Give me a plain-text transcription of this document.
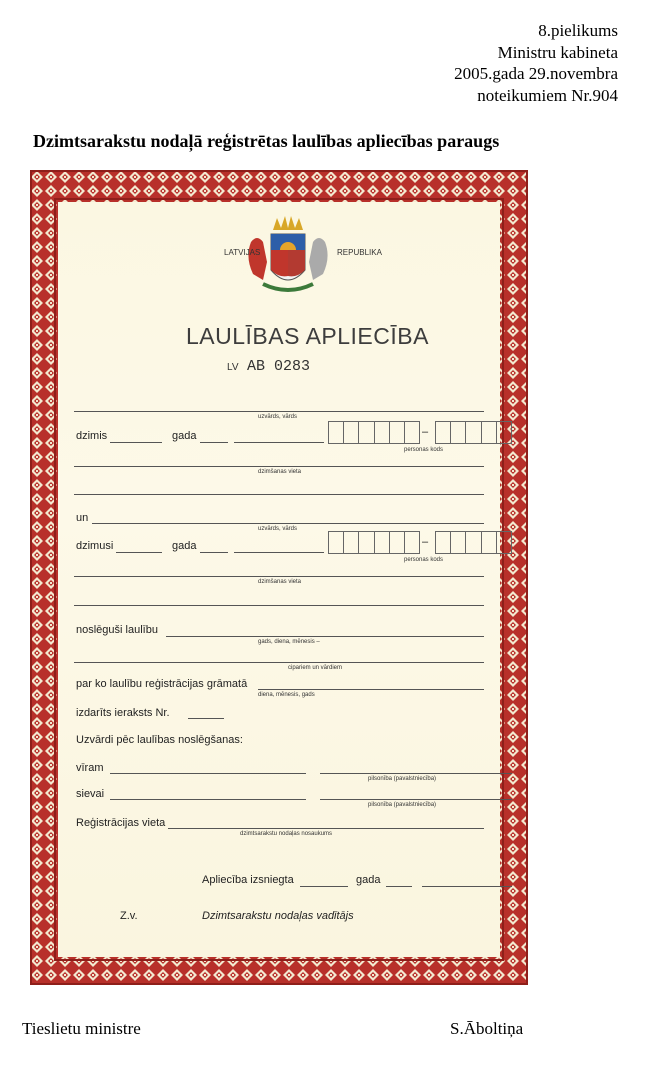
8.pielikums
Ministru kabineta
2005.gada 29.novembra
noteikumiem Nr.904
Dzimtsarakstu nodaļā reģistrētas laulības apliecības paraugs
LATVIJAS	REPUBLIKA
LAULĪBAS APLIECĪBA
LV AB 0283
uzvārds, vārds
dzimis	gada	–
personas kods
dzimšanas vieta
un
uzvārds, vārds
dzimusi	gada	–
personas kods
dzimšanas vieta
noslēguši laulību
gads, diena, mēnesis –
cipariem un vārdiem
par ko laulību reģistrācijas grāmatā
diena, mēnesis, gads
izdarīts ieraksts Nr.
Uzvārdi pēc laulības noslēgšanas:
vīram
pilsonība (pavalstniecība)
sievai
pilsonība (pavalstniecība)
Reģistrācijas vieta
dzimtsarakstu nodaļas nosaukums
Apliecība izsniegta	gada
Z.v.	Dzimtsarakstu nodaļas vadītājs
Tieslietu ministre	S.Āboltiņa
